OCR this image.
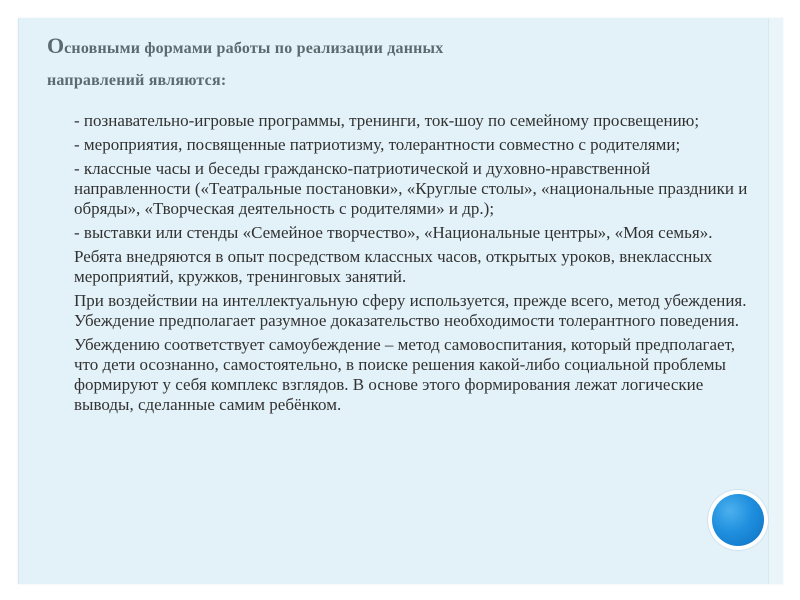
Основными формами работы по реализации данных
направлений являются:
- познавательно-игровые программы, тренинги, ток-шоу по семейному просвещению;
- мероприятия, посвященные патриотизму, толерантности совместно с родителями;
- классные часы и беседы гражданско-патриотической и духовно-нравственной направленности («Театральные постановки», «Круглые столы», «национальные праздники и обряды», «Творческая деятельность с родителями» и др.);
- выставки или стенды «Семейное творчество», «Национальные центры», «Моя семья».
Ребята внедряются в опыт посредством классных часов, открытых уроков, внеклассных мероприятий, кружков, тренинговых занятий.
При воздействии на интеллектуальную сферу используется, прежде всего, метод убеждения. Убеждение предполагает разумное доказательство необходимости толерантного поведения.
Убеждению соответствует самоубеждение – метод самовоспитания, который предполагает, что дети осознанно, самостоятельно, в поиске решения какой-либо социальной проблемы формируют у себя комплекс взглядов. В основе этого формирования лежат логические выводы, сделанные самим ребёнком.
